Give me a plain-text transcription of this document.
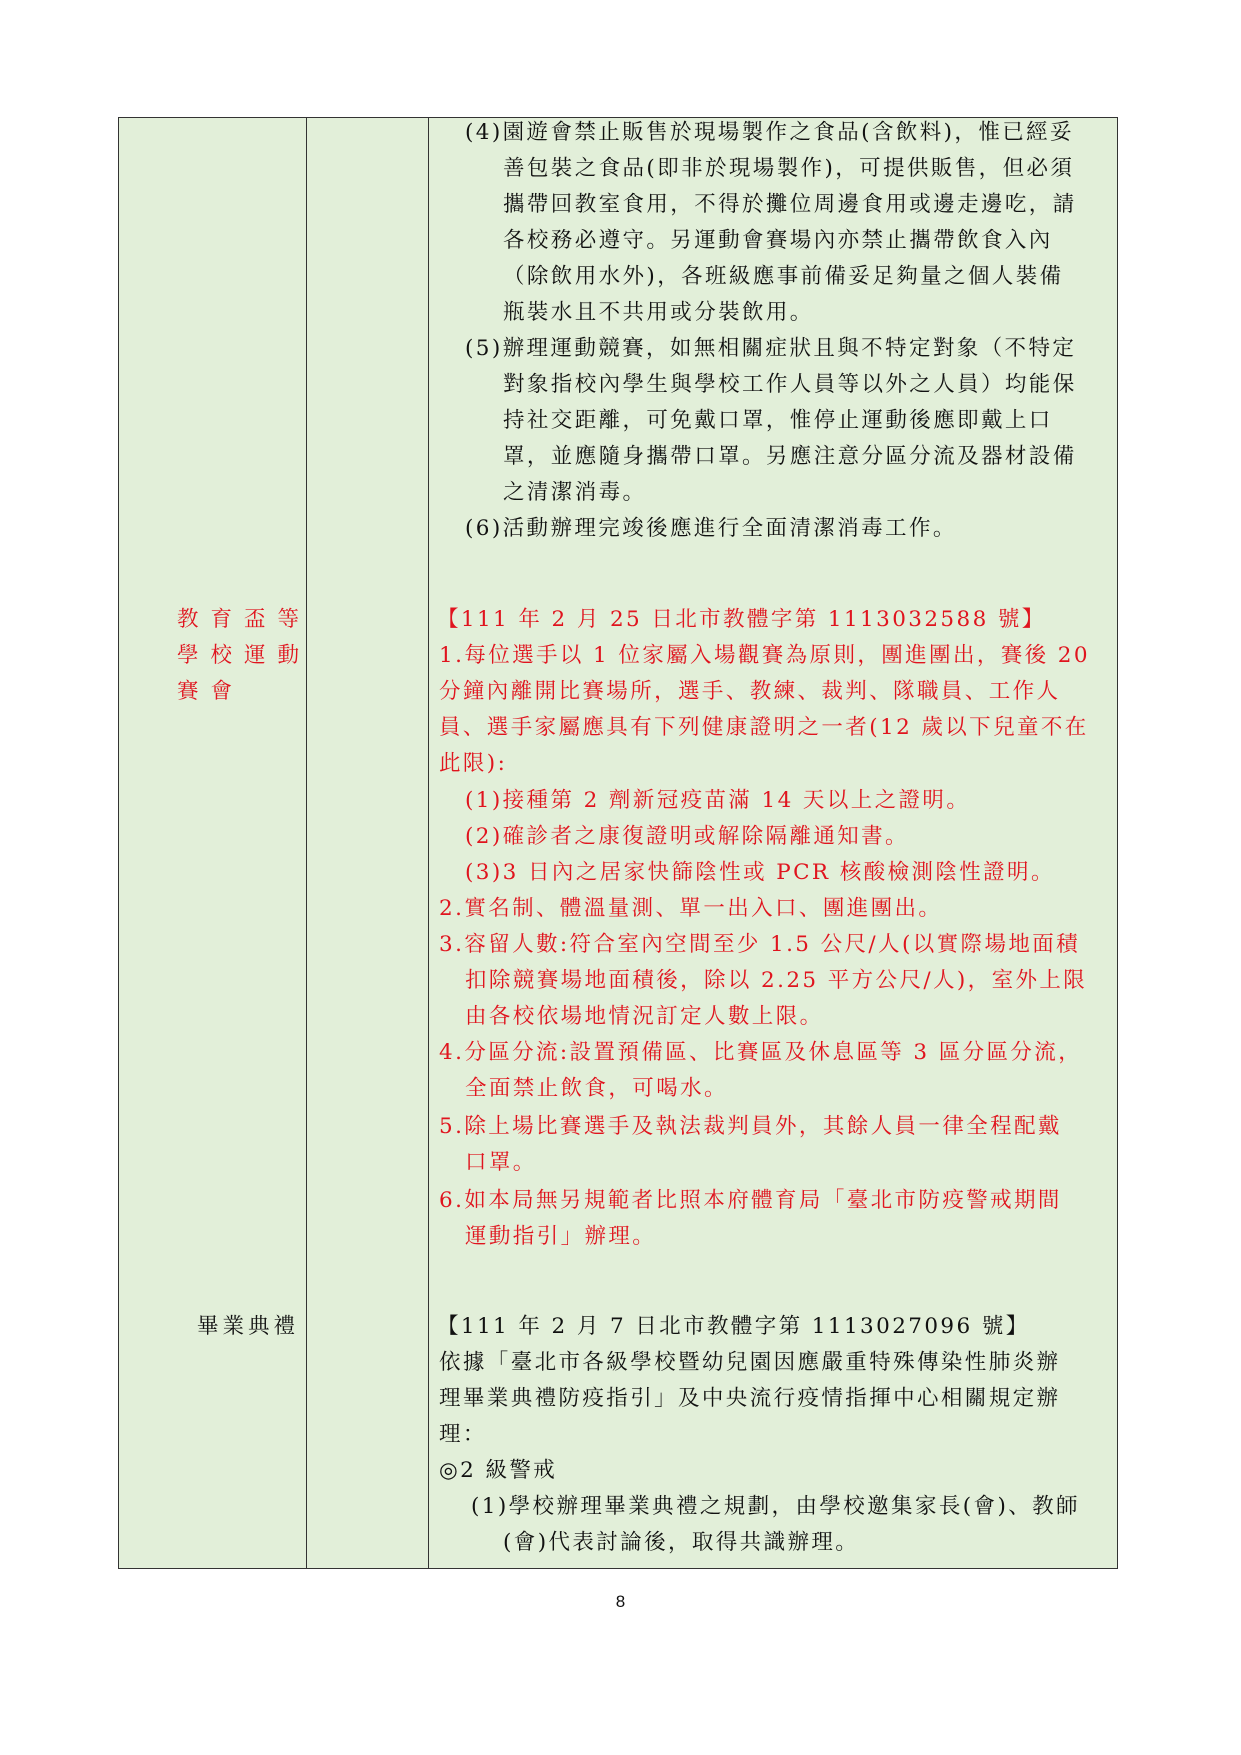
教育盃等
學校運動
賽會
畢業典禮
(4)園遊會禁止販售於現場製作之食品(含飲料)，惟已經妥
善包裝之食品(即非於現場製作)，可提供販售，但必須
攜帶回教室食用，不得於攤位周邊食用或邊走邊吃，請
各校務必遵守。另運動會賽場內亦禁止攜帶飲食入內
（除飲用水外)，各班級應事前備妥足夠量之個人裝備
瓶裝水且不共用或分裝飲用。
(5)辦理運動競賽，如無相關症狀且與不特定對象（不特定
對象指校內學生與學校工作人員等以外之人員）均能保
持社交距離，可免戴口罩，惟停止運動後應即戴上口
罩，並應隨身攜帶口罩。另應注意分區分流及器材設備
之清潔消毒。
(6)活動辦理完竣後應進行全面清潔消毒工作。
【111 年 2 月 25 日北市教體字第 1113032588 號】
1.每位選手以 1 位家屬入場觀賽為原則，團進團出，賽後 20
分鐘內離開比賽場所，選手、教練、裁判、隊職員、工作人
員、選手家屬應具有下列健康證明之一者(12 歲以下兒童不在
此限):
(1)接種第 2 劑新冠疫苗滿 14 天以上之證明。
(2)確診者之康復證明或解除隔離通知書。
(3)3 日內之居家快篩陰性或 PCR 核酸檢測陰性證明。
2.實名制、體溫量測、單一出入口、團進團出。
3.容留人數:符合室內空間至少 1.5 公尺/人(以實際場地面積
扣除競賽場地面積後，除以 2.25 平方公尺/人)，室外上限
由各校依場地情況訂定人數上限。
4.分區分流:設置預備區、比賽區及休息區等 3 區分區分流，
全面禁止飲食，可喝水。
5.除上場比賽選手及執法裁判員外，其餘人員一律全程配戴
口罩。
6.如本局無另規範者比照本府體育局「臺北市防疫警戒期間
運動指引」辦理。
【111 年 2 月 7 日北市教體字第 1113027096 號】
依據「臺北市各級學校暨幼兒園因應嚴重特殊傳染性肺炎辦
理畢業典禮防疫指引」及中央流行疫情指揮中心相關規定辦
理：
◎2 級警戒
(1)學校辦理畢業典禮之規劃，由學校邀集家長(會)、教師
(會)代表討論後，取得共識辦理。
8
